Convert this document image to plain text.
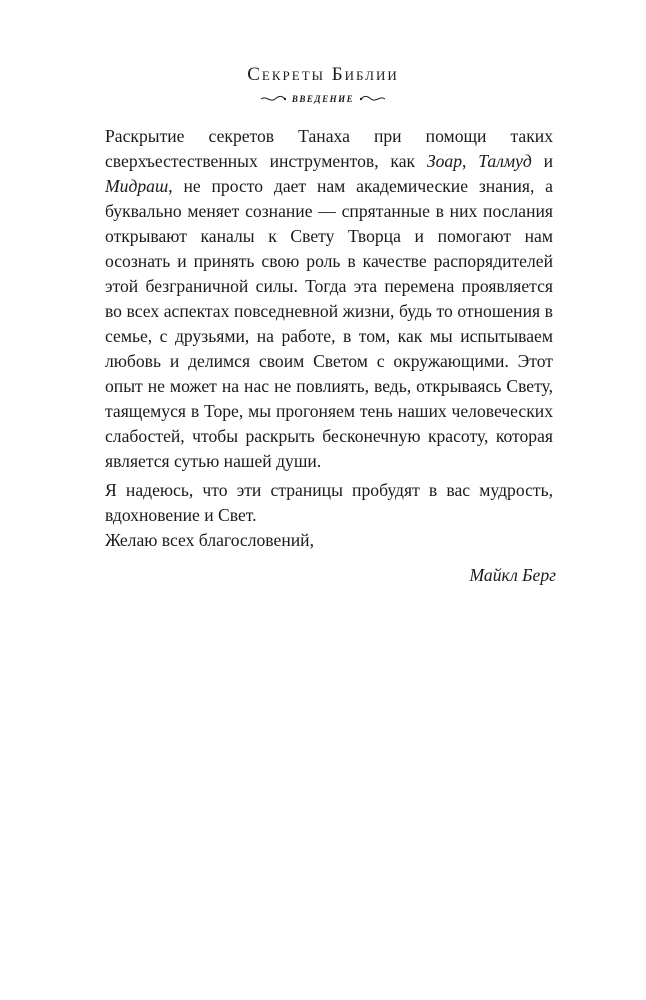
Секреты Библии
ВВЕДЕНИЕ

Раскрытие секретов Танаха при помощи таких сверхъестественных инструментов, как Зоар, Талмуд и Мидраш, не просто дает нам академические знания, а буквально меняет сознание — спрятанные в них послания открывают каналы к Свету Творца и помогают нам осознать и принять свою роль в качестве распорядителей этой безграничной силы. Тогда эта перемена проявляется во всех аспектах повседневной жизни, будь то отношения в семье, с друзьями, на работе, в том, как мы испытываем любовь и делимся своим Светом с окружающими. Этот опыт не может на нас не повлиять, ведь, открываясь Свету, таящемуся в Торе, мы прогоняем тень наших человеческих слабостей, чтобы раскрыть бесконечную красоту, которая является сутью нашей души.

Я надеюсь, что эти страницы пробудят в вас мудрость, вдохновение и Свет.

Желаю всех благословений,

Майкл Берг
